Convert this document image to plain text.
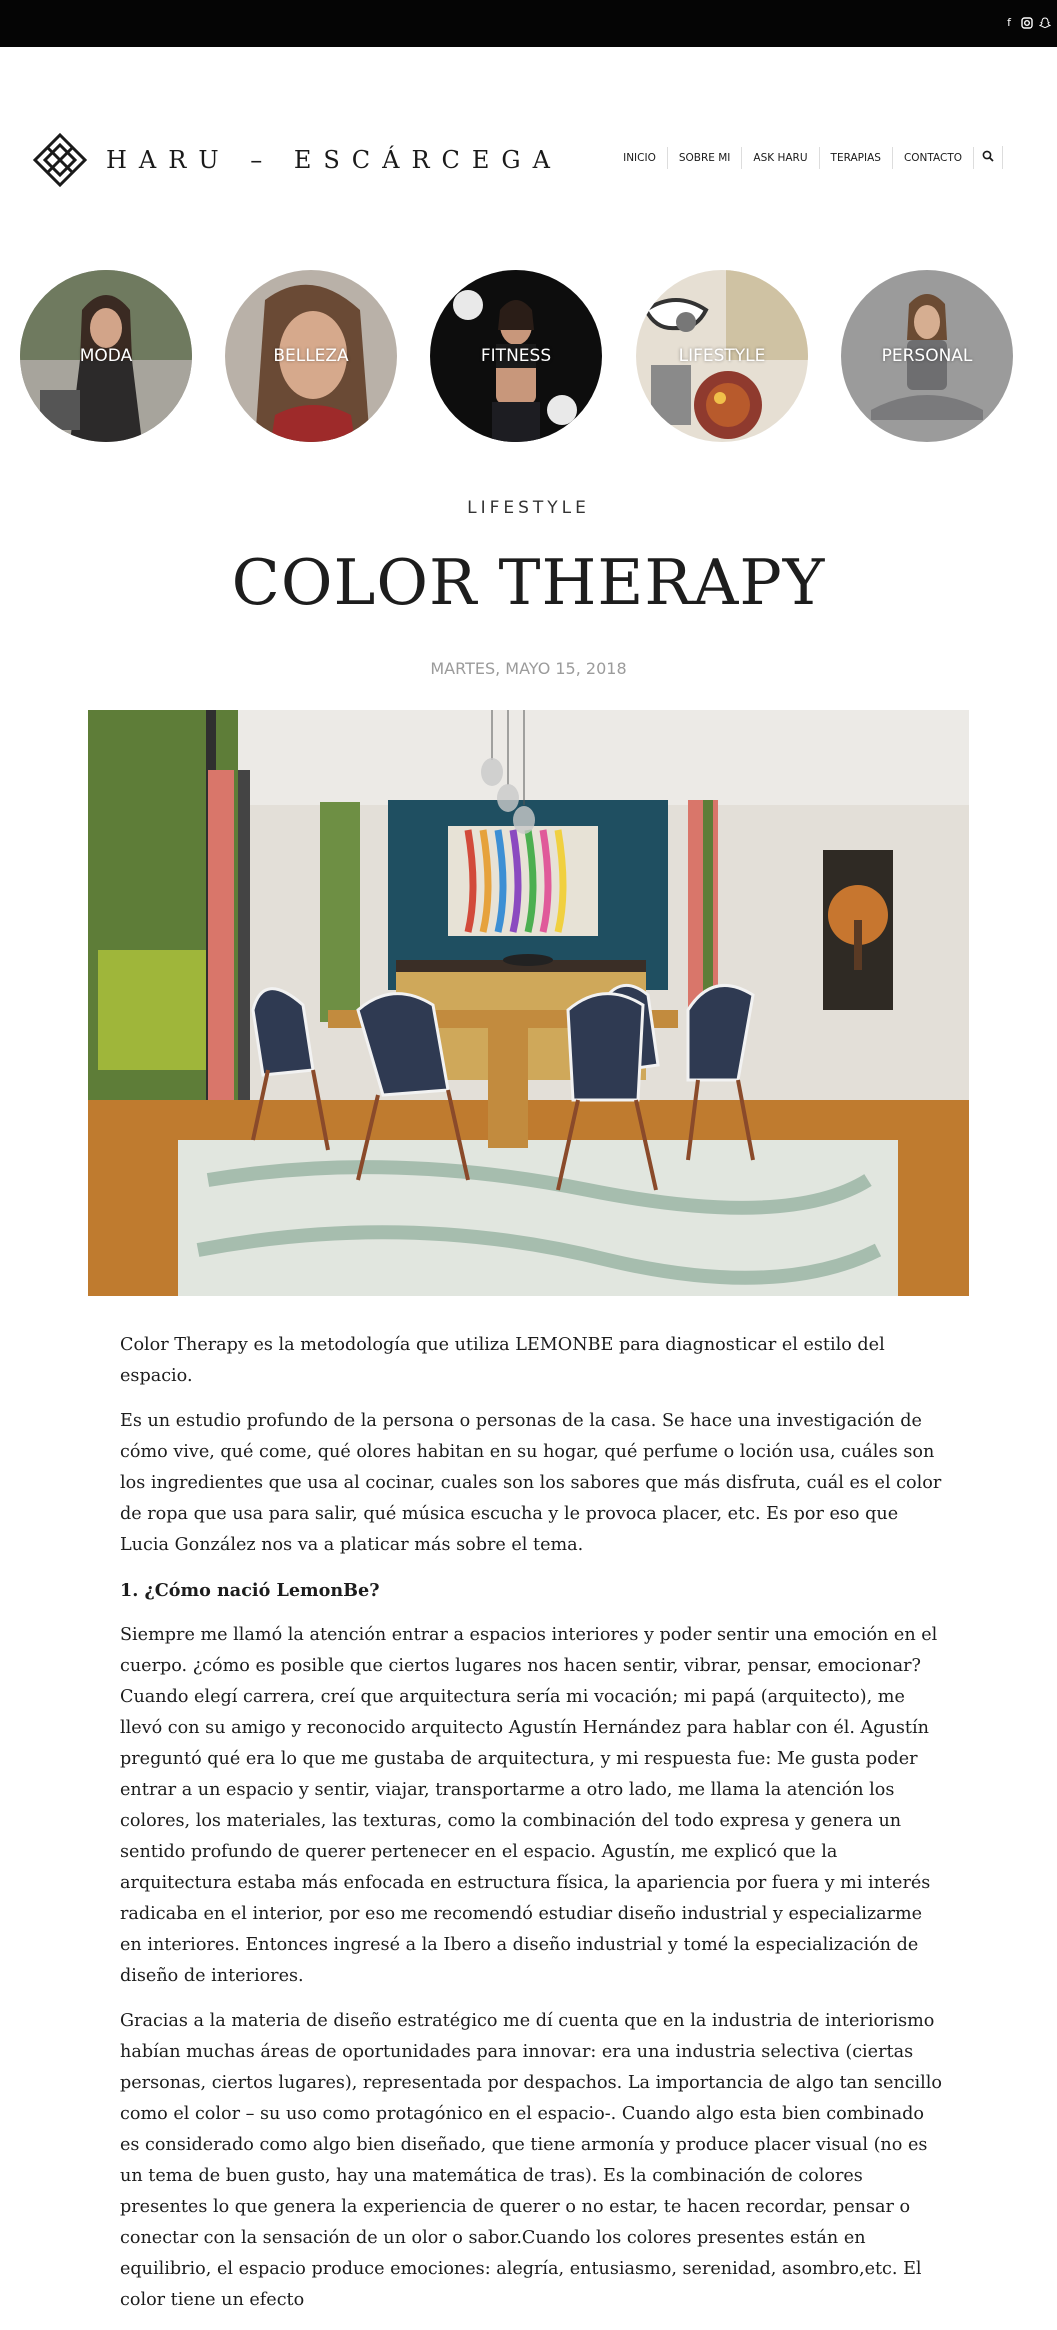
f
HARU – ESCÁRCEGA	INICIO	SOBRE MI	ASK HARU	TERAPIAS	CONTACTO
MODA	BELLEZA	FITNESS	LIFESTYLE	PERSONAL
LIFESTYLE
COLOR THERAPY
MARTES, MAYO 15, 2018

Color Therapy es la metodología que utiliza LEMONBE para diagnosticar el estilo del espacio.

Es un estudio profundo de la persona o personas de la casa. Se hace una investigación de cómo vive, qué come, qué olores habitan en su hogar, qué perfume o loción usa, cuáles son los ingredientes que usa al cocinar, cuales son los sabores que más disfruta, cuál es el color de ropa que usa para salir, qué música escucha y le provoca placer, etc. Es por eso que Lucia González nos va a platicar más sobre el tema.

1. ¿Cómo nació LemonBe?

Siempre me llamó la atención entrar a espacios interiores y poder sentir una emoción en el cuerpo. ¿cómo es posible que ciertos lugares nos hacen sentir, vibrar, pensar, emocionar? Cuando elegí carrera, creí que arquitectura sería mi vocación; mi papá (arquitecto), me llevó con su amigo y reconocido arquitecto Agustín Hernández para hablar con él. Agustín preguntó qué era lo que me gustaba de arquitectura, y mi respuesta fue: Me gusta poder entrar a un espacio y sentir, viajar, transportarme a otro lado, me llama la atención los colores, los materiales, las texturas, como la combinación del todo expresa y genera un sentido profundo de querer pertenecer en el espacio. Agustín, me explicó que la arquitectura estaba más enfocada en estructura física, la apariencia por fuera y mi interés radicaba en el interior, por eso me recomendó estudiar diseño industrial y especializarme en interiores. Entonces ingresé a la Ibero a diseño industrial y tomé la especialización de diseño de interiores.

Gracias a la materia de diseño estratégico me dí cuenta que en la industria de interiorismo habían muchas áreas de oportunidades para innovar: era una industria selectiva (ciertas personas, ciertos lugares), representada por despachos. La importancia de algo tan sencillo como el color – su uso como protagónico en el espacio-. Cuando algo esta bien combinado es considerado como algo bien diseñado, que tiene armonía y produce placer visual (no es un tema de buen gusto, hay una matemática de tras). Es la combinación de colores presentes lo que genera la experiencia de querer o no estar, te hacen recordar, pensar o conectar con la sensación de un olor o sabor.Cuando los colores presentes están en equilibrio, el espacio produce emociones: alegría, entusiasmo, serenidad, asombro,etc. El color tiene un efecto
